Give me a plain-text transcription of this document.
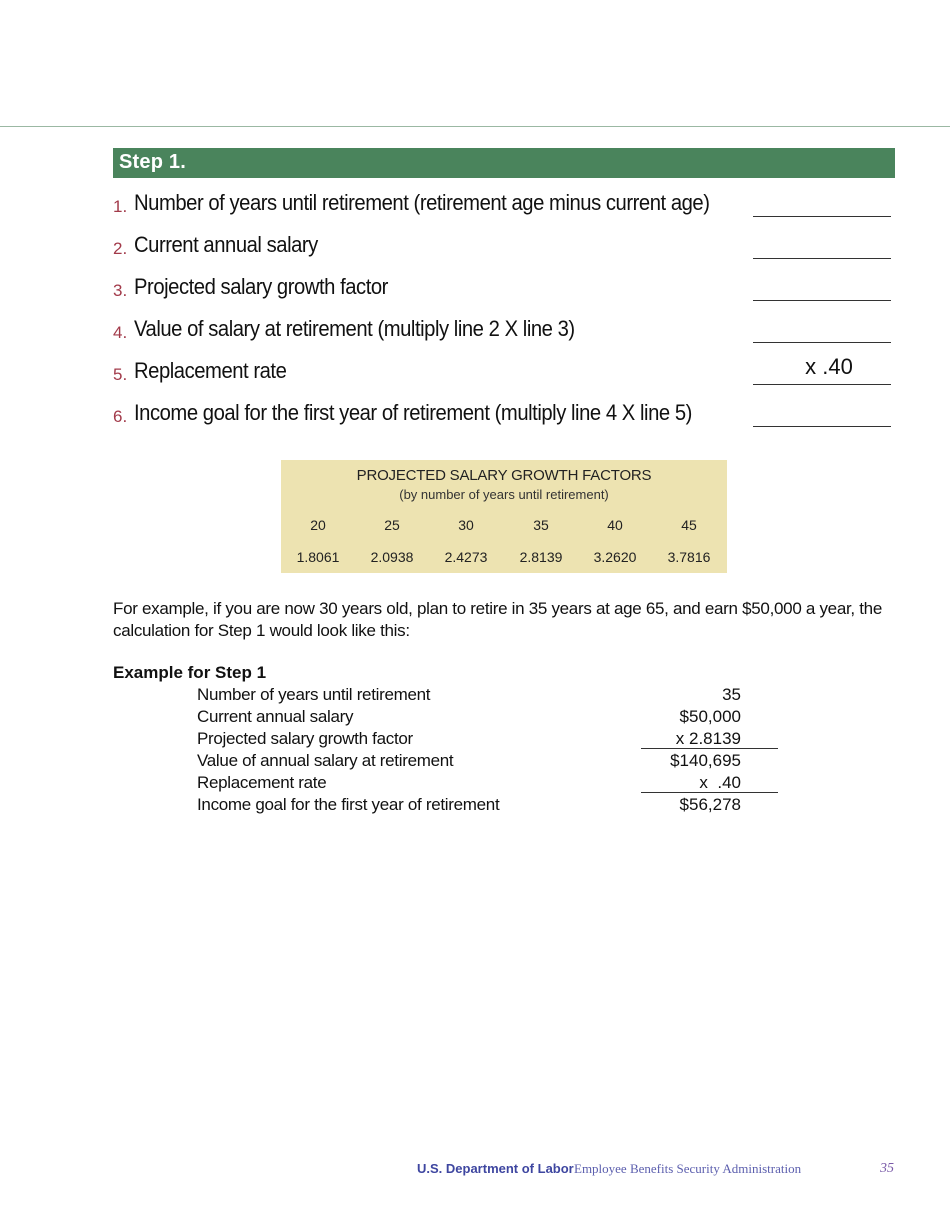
Step 1.
1. Number of years until retirement (retirement age minus current age)
2. Current annual salary
3. Projected salary growth factor
4. Value of salary at retirement (multiply line 2 X line 3)
5. Replacement rate	x .40
6. Income goal for the first year of retirement (multiply line 4 X line 5)
PROJECTED SALARY GROWTH FACTORS
(by number of years until retirement)
20	25	30	35	40	45
1.8061	2.0938	2.4273	2.8139	3.2620	3.7816
For example, if you are now 30 years old, plan to retire in 35 years at age 65, and earn $50,000 a year, the calculation for Step 1 would look like this:
Example for Step 1
Number of years until retirement	35
Current annual salary	$50,000
Projected salary growth factor	x 2.8139
Value of annual salary at retirement	$140,695
Replacement rate	x  .40
Income goal for the first year of retirement	$56,278
U.S. Department of Labor Employee Benefits Security Administration	35
